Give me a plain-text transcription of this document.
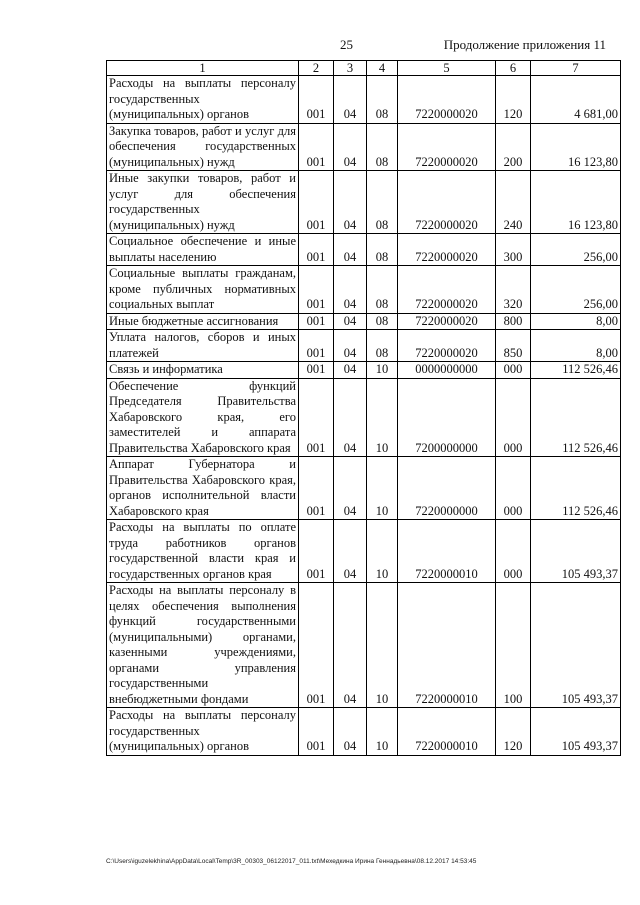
25	Продолжение приложения 11
1	2	3	4	5	6	7
Расходы на выплаты персоналу государственных (муниципальных) органов	001	04	08	7220000020	120	4 681,00
Закупка товаров, работ и услуг для обеспечения государственных (муниципальных) нужд	001	04	08	7220000020	200	16 123,80
Иные закупки товаров, работ и услуг для обеспечения государственных (муниципальных) нужд	001	04	08	7220000020	240	16 123,80
Социальное обеспечение и иные выплаты населению	001	04	08	7220000020	300	256,00
Социальные выплаты гражданам, кроме публичных нормативных социальных выплат	001	04	08	7220000020	320	256,00
Иные бюджетные ассигнования	001	04	08	7220000020	800	8,00
Уплата налогов, сборов и иных платежей	001	04	08	7220000020	850	8,00
Связь и информатика	001	04	10	0000000000	000	112 526,46
Обеспечение функций Председателя Правительства Хабаровского края, его заместителей и аппарата Правительства Хабаровского края	001	04	10	7200000000	000	112 526,46
Аппарат Губернатора и Правительства Хабаровского края, органов исполнительной власти Хабаровского края	001	04	10	7220000000	000	112 526,46
Расходы на выплаты по оплате труда работников органов государственной власти края и государственных органов края	001	04	10	7220000010	000	105 493,37
Расходы на выплаты персоналу в целях обеспечения выполнения функций государственными (муниципальными) органами, казенными учреждениями, органами управления государственными внебюджетными фондами	001	04	10	7220000010	100	105 493,37
Расходы на выплаты персоналу государственных (муниципальных) органов	001	04	10	7220000010	120	105 493,37
C:\Users\iguzelekhina\AppData\Local\Temp\3R_00303_06122017_011.txt\Мехедкина Ирина Геннадьевна\08.12.2017 14:53:45
